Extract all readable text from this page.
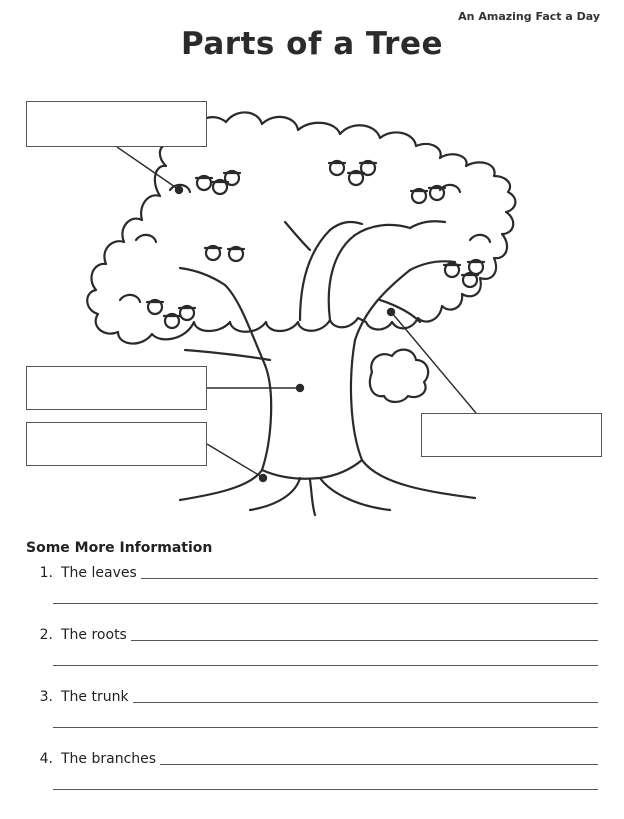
An Amazing Fact a Day
Parts of a Tree
Some More Information
1. The leaves
2. The roots
3. The trunk
4. The branches
